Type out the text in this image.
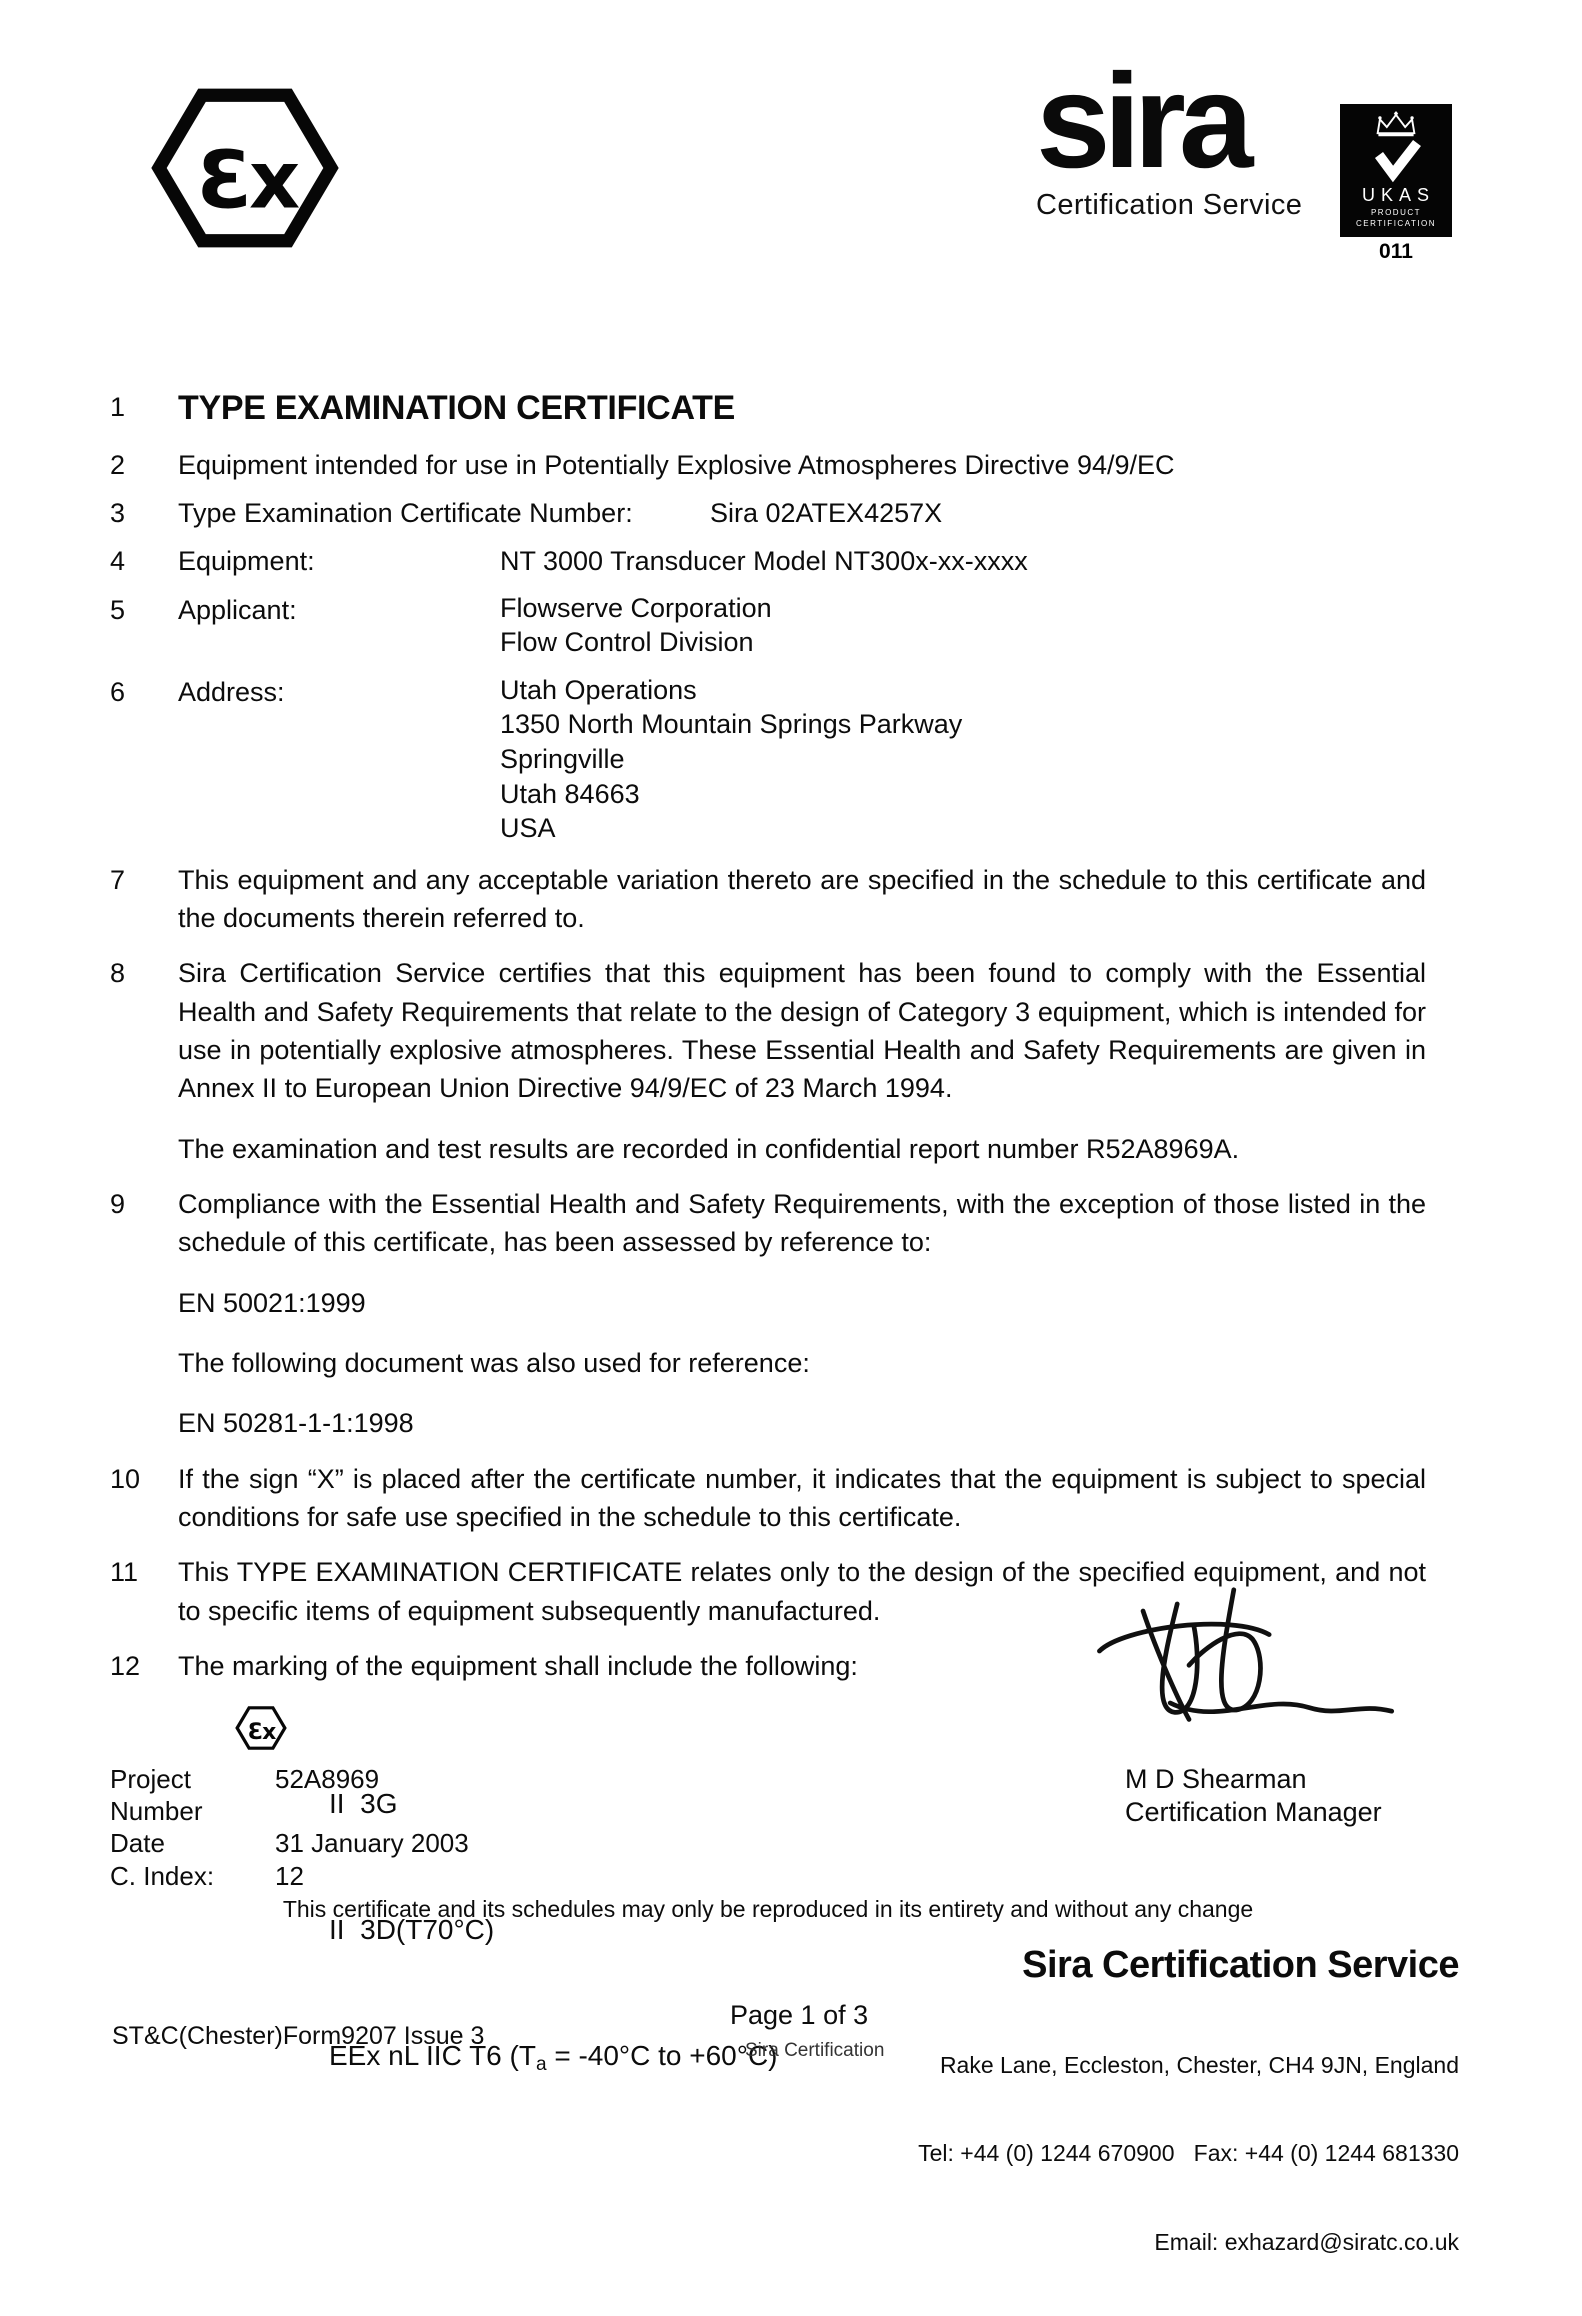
Ɛx	sira
Certification Service
	UKAS
PRODUCT
CERTIFICATION
011
1	TYPE EXAMINATION CERTIFICATE
2	Equipment intended for use in Potentially Explosive Atmospheres Directive 94/9/EC
3	Type Examination Certificate Number:	Sira 02ATEX4257X
4	Equipment:	NT 3000 Transducer Model NT300x-xx-xxxx
5	Applicant:	Flowserve Corporation
Flow Control Division
6	Address:	Utah Operations
1350 North Mountain Springs Parkway
Springville
Utah 84663
USA
7	This equipment and any acceptable variation thereto are specified in the schedule to this certificate and the documents therein referred to.
8	Sira Certification Service certifies that this equipment has been found to comply with the Essential Health and Safety Requirements that relate to the design of Category 3 equipment, which is intended for use in potentially explosive atmospheres. These Essential Health and Safety Requirements are given in Annex II to European Union Directive 94/9/EC of 23 March 1994.
The examination and test results are recorded in confidential report number R52A8969A.
9	Compliance with the Essential Health and Safety Requirements, with the exception of those listed in the schedule of this certificate, has been assessed by reference to:
EN 50021:1999
The following document was also used for reference:
EN 50281-1-1:1998
10	If the sign “X” is placed after the certificate number, it indicates that the equipment is subject to special conditions for safe use specified in the schedule to this certificate.
11	This TYPE EXAMINATION CERTIFICATE relates only to the design of the specified equipment, and not to specific items of equipment subsequently manufactured.
12	The marking of the equipment shall include the following:
Ɛx

II  3G

II  3D(T70°C)

EEx nL IIC T6 (Ta = -40°C to +60°C)

Project Number
52A8969
Date	31 January 2003
C. Index:	12
M D Shearman
Certification Manager
This certificate and its schedules may only be reproduced in its entirety and without any change
Sira Certification Service
Page 1 of 3

Rake Lane, Eccleston, Chester, CH4 9JN, England

Tel: +44 (0) 1244 670900   Fax: +44 (0) 1244 681330

Email: exhazard@siratc.co.uk

ST&C(Chester)Form9207 Issue 3
Sira Certification
